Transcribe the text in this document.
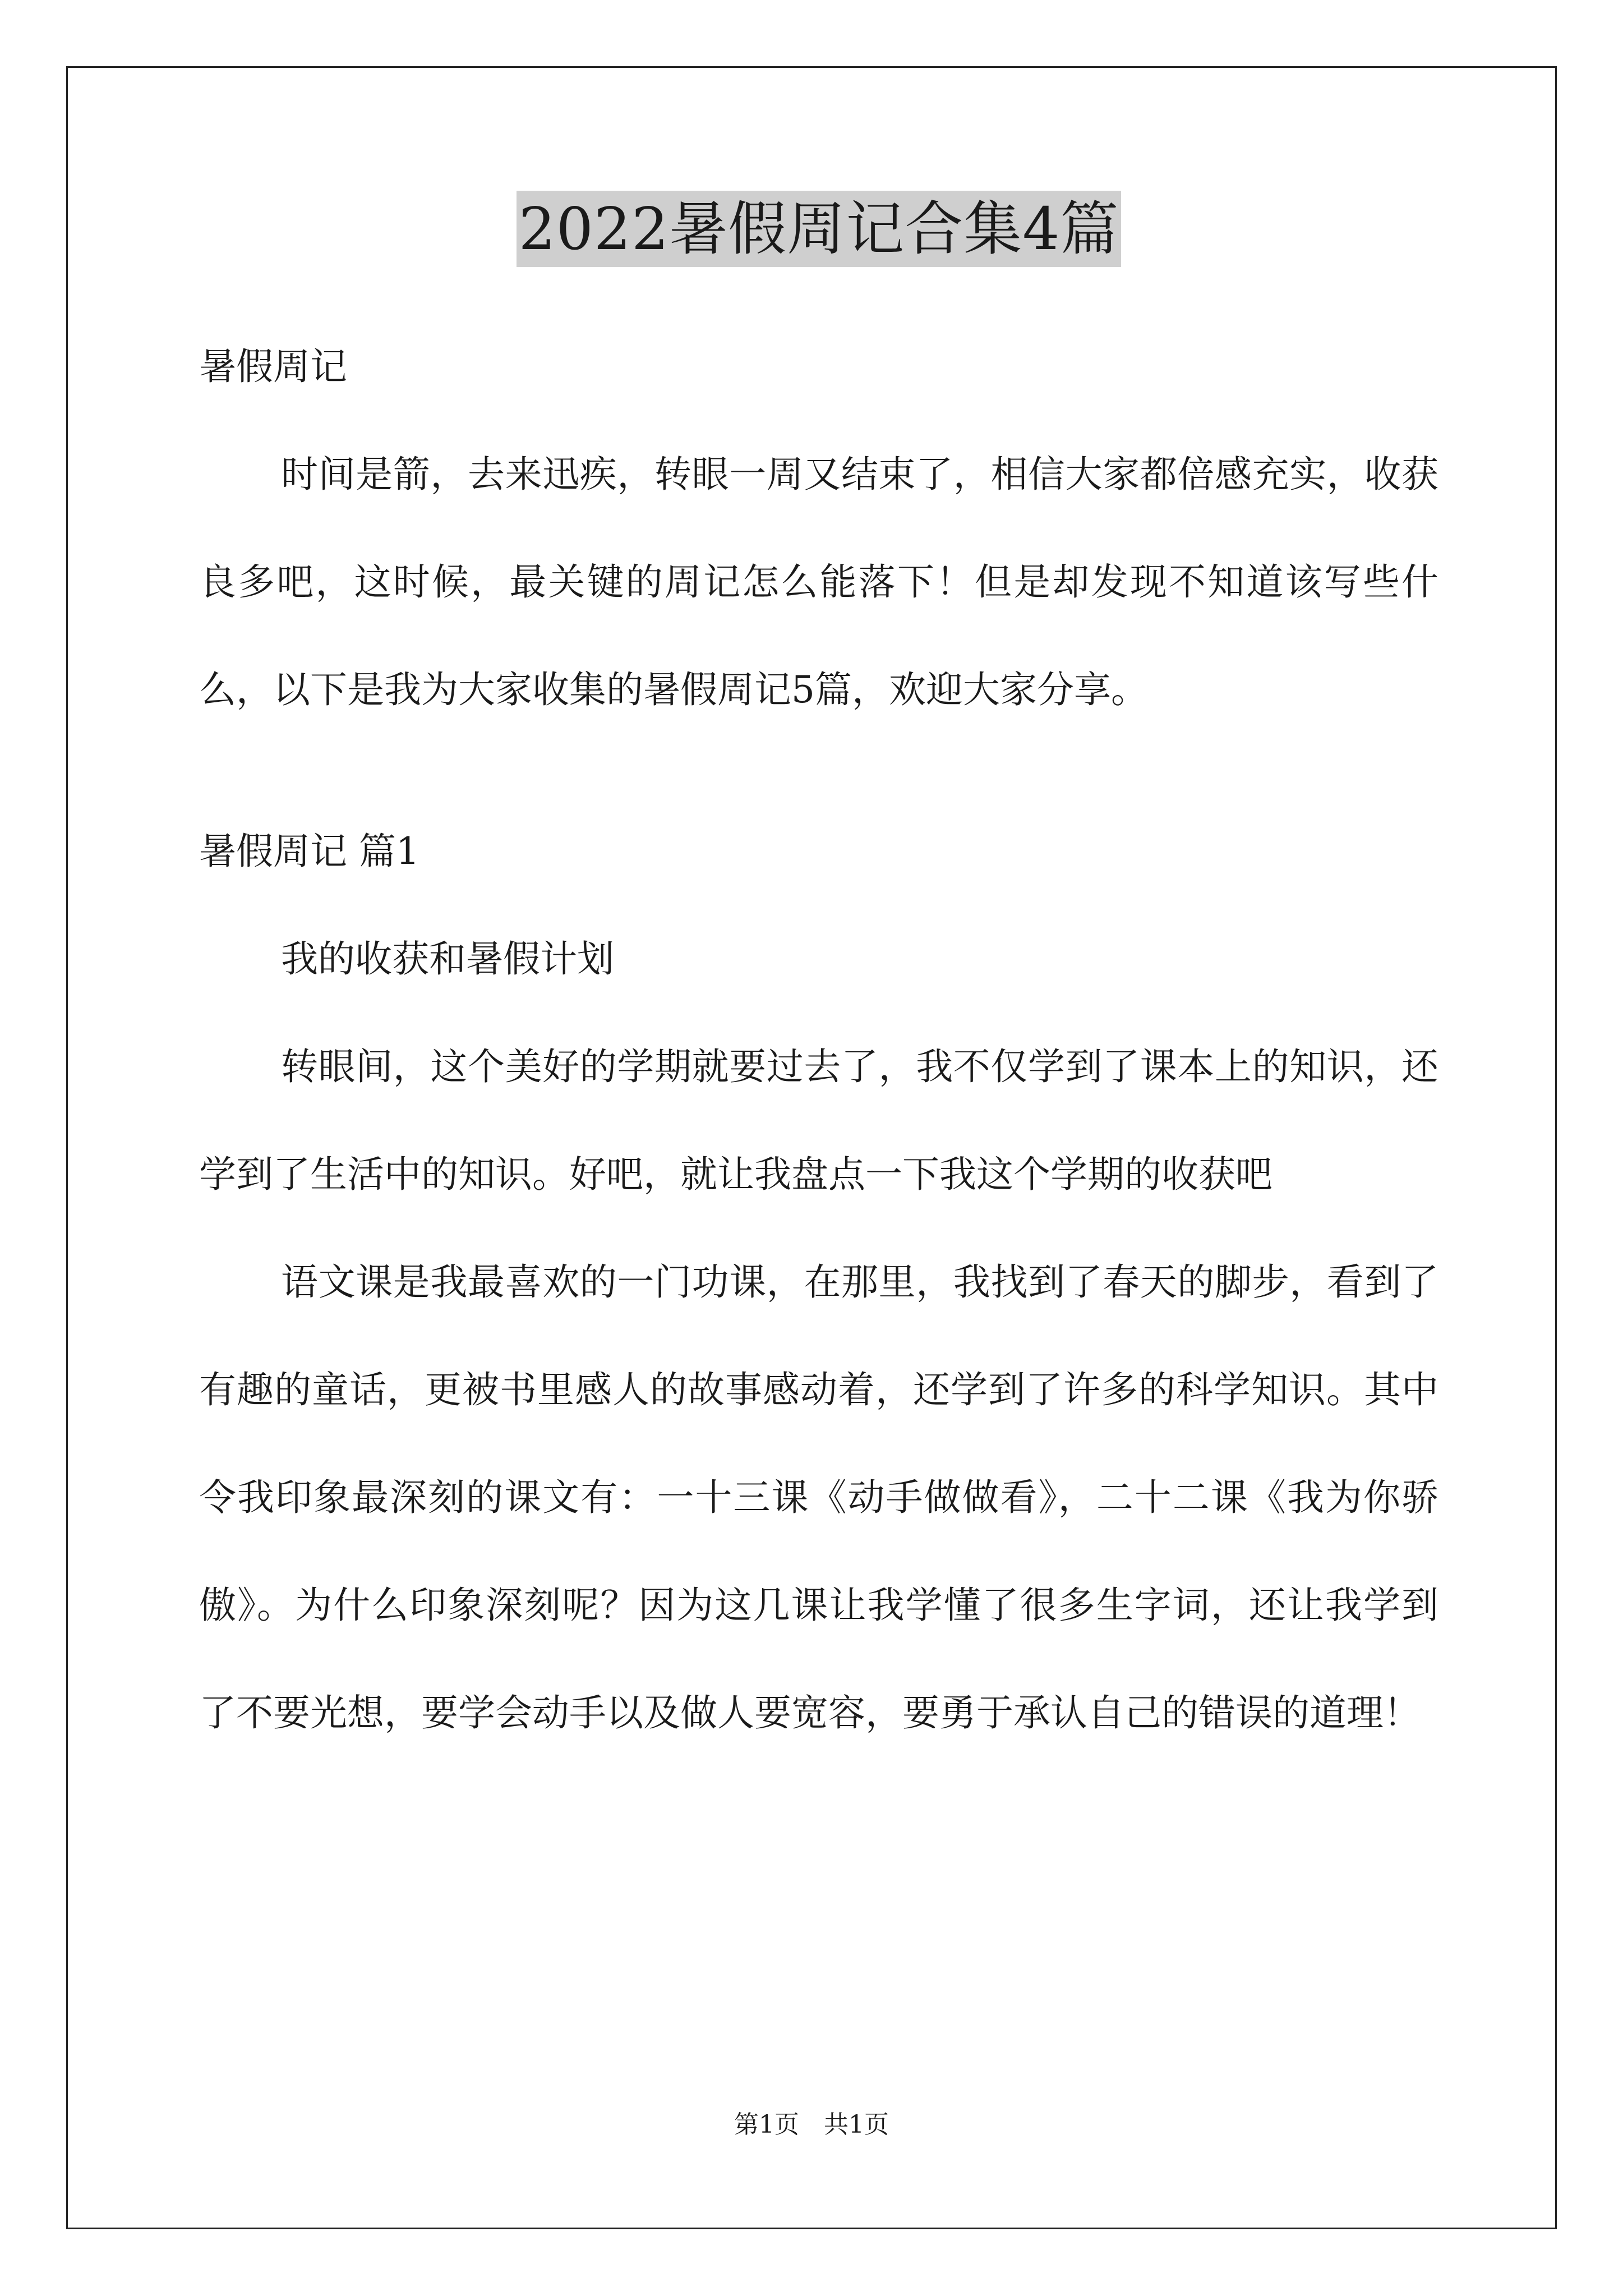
2022暑假周记合集4篇

暑假周记

时间是箭，去来迅疾，转眼一周又结束了，相信大家都倍感充实，收获良多吧，这时候，最关键的周记怎么能落下！但是却发现不知道该写些什么，以下是我为大家收集的暑假周记5篇，欢迎大家分享。

暑假周记 篇1

我的收获和暑假计划

转眼间，这个美好的学期就要过去了，我不仅学到了课本上的知识，还学到了生活中的知识。好吧，就让我盘点一下我这个学期的收获吧

语文课是我最喜欢的一门功课，在那里，我找到了春天的脚步，看到了有趣的童话，更被书里感人的故事感动着，还学到了许多的科学知识。其中令我印象最深刻的课文有：一十三课《动手做做看》，二十二课《我为你骄傲》。为什么印象深刻呢？因为这几课让我学懂了很多生字词，还让我学到了不要光想，要学会动手以及做人要宽容，要勇于承认自己的错误的道理！

第1页　共1页
